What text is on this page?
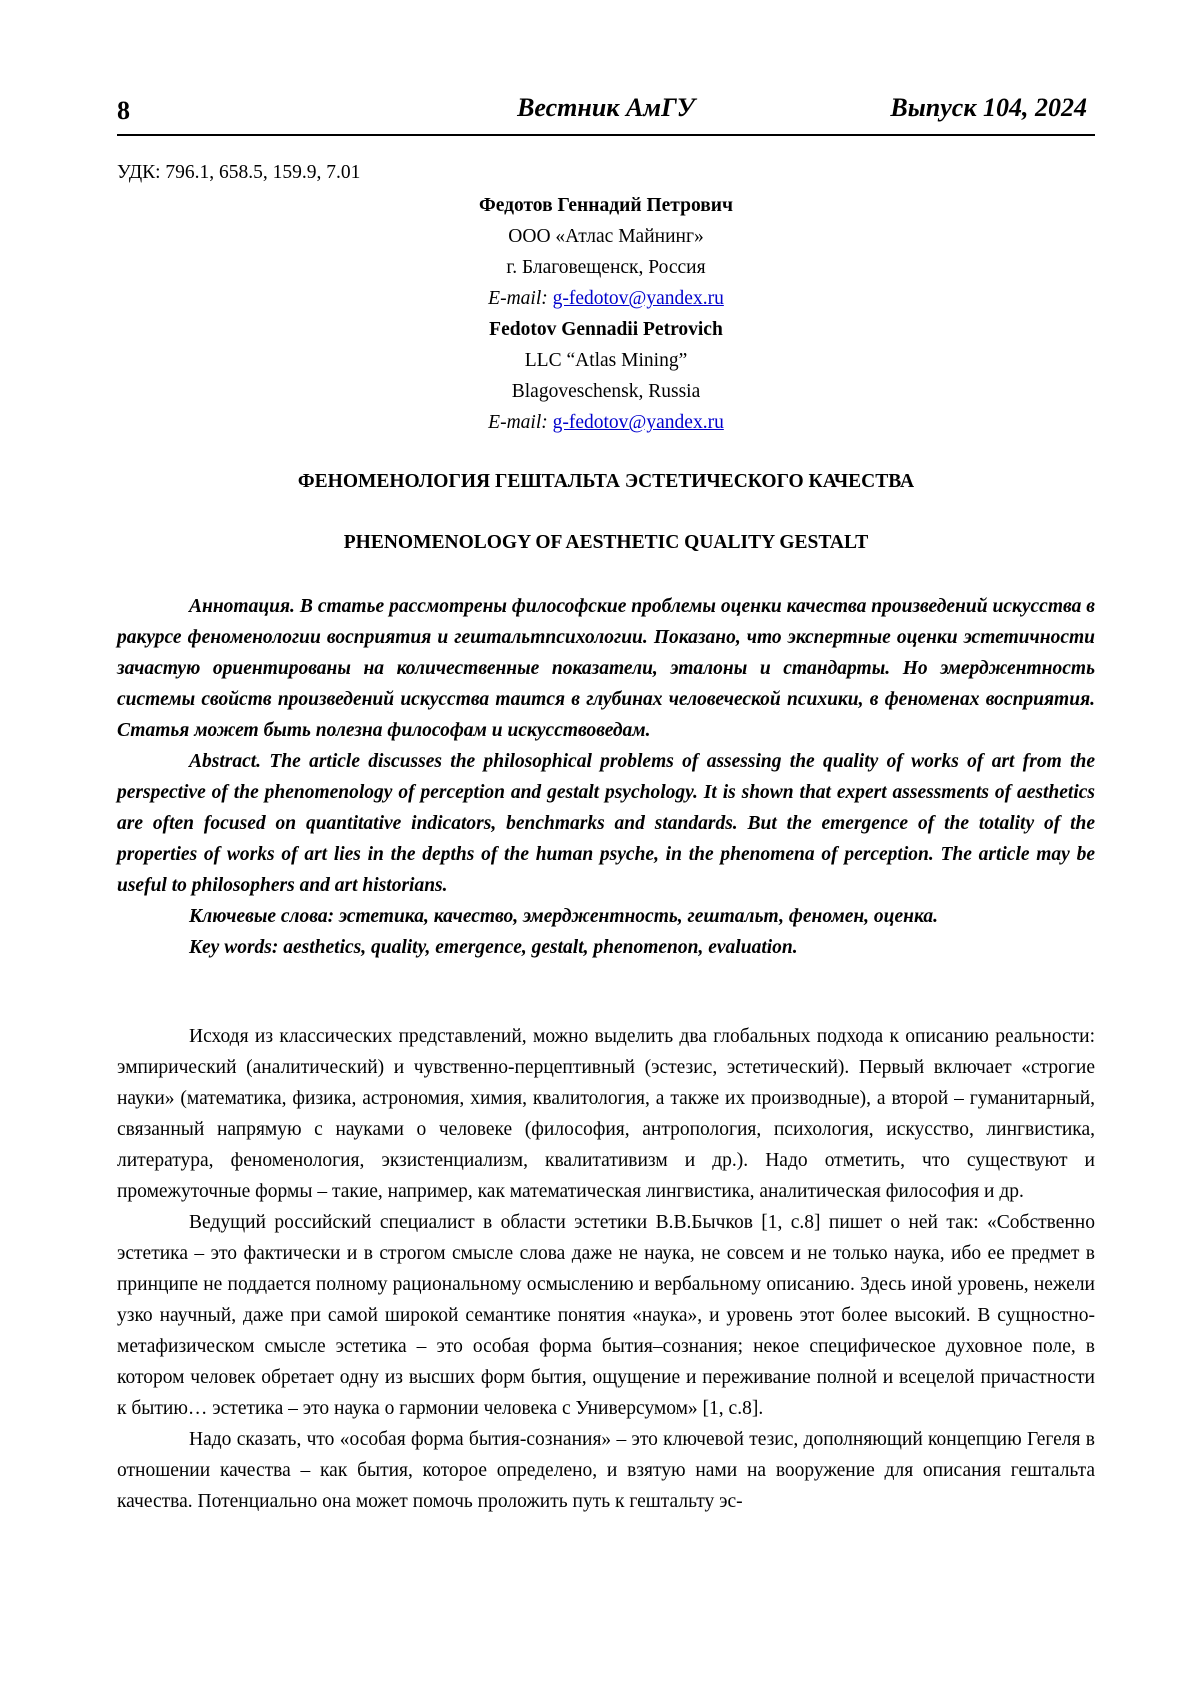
8	Вестник АмГУ	Выпуск 104, 2024
УДК: 796.1, 658.5, 159.9, 7.01
Федотов Геннадий Петрович
ООО «Атлас Майнинг»
г. Благовещенск, Россия
E-mail: g-fedotov@yandex.ru
Fedotov Gennadii Petrovich
LLC “Atlas Mining”
Blagoveschensk, Russia
E-mail: g-fedotov@yandex.ru
ФЕНОМЕНОЛОГИЯ ГЕШТАЛЬТА ЭСТЕТИЧЕСКОГО КАЧЕСТВА
PHENOMENOLOGY OF AESTHETIC QUALITY GESTALT

Аннотация. В статье рассмотрены философские проблемы оценки качества произведений искусства в ракурсе феноменологии восприятия и гештальтпсихологии. Показано, что экспертные оценки эстетичности зачастую ориентированы на количественные показатели, эталоны и стандарты. Но эмерджентность системы свойств произведений искусства таится в глубинах человеческой психики, в феноменах восприятия. Статья может быть полезна философам и искусствоведам.

Abstract. The article discusses the philosophical problems of assessing the quality of works of art from the perspective of the phenomenology of perception and gestalt psychology. It is shown that expert assessments of aesthetics are often focused on quantitative indicators, benchmarks and standards. But the emergence of the totality of the properties of works of art lies in the depths of the human psyche, in the phenomena of perception. The article may be useful to philosophers and art historians.

Ключевые слова: эстетика, качество, эмерджентность, гештальт, феномен, оценка.

Key words: aesthetics, quality, emergence, gestalt, phenomenon, evaluation.

Исходя из классических представлений, можно выделить два глобальных подхода к описанию реальности: эмпирический (аналитический) и чувственно-перцептивный (эстезис, эстетический). Первый включает «строгие науки» (математика, физика, астрономия, химия, квалитология, а также их производные), а второй – гуманитарный, связанный напрямую с науками о человеке (философия, антропология, психология, искусство, лингвистика, литература, феноменология, экзистенциализм, квалитативизм и др.). Надо отметить, что существуют и промежуточные формы – такие, например, как математическая лингвистика, аналитическая философия и др.

Ведущий российский специалист в области эстетики В.В.Бычков [1, с.8] пишет о ней так: «Собственно эстетика – это фактически и в строгом смысле слова даже не наука, не совсем и не только наука, ибо ее предмет в принципе не поддается полному рациональному осмыслению и вербальному описанию. Здесь иной уровень, нежели узко научный, даже при самой широкой семантике понятия «наука», и уровень этот более высокий. В сущностно-метафизическом смысле эстетика – это особая форма бытия–сознания; некое специфическое духовное поле, в котором человек обретает одну из высших форм бытия, ощущение и переживание полной и всецелой причастности к бытию… эстетика – это наука о гармонии человека с Универсумом» [1, с.8].

Надо сказать, что «особая форма бытия-сознания» – это ключевой тезис, дополняющий концепцию Гегеля в отношении качества – как бытия, которое определено, и взятую нами на вооружение для описания гештальта качества. Потенциально она может помочь проложить путь к гештальту эс-
